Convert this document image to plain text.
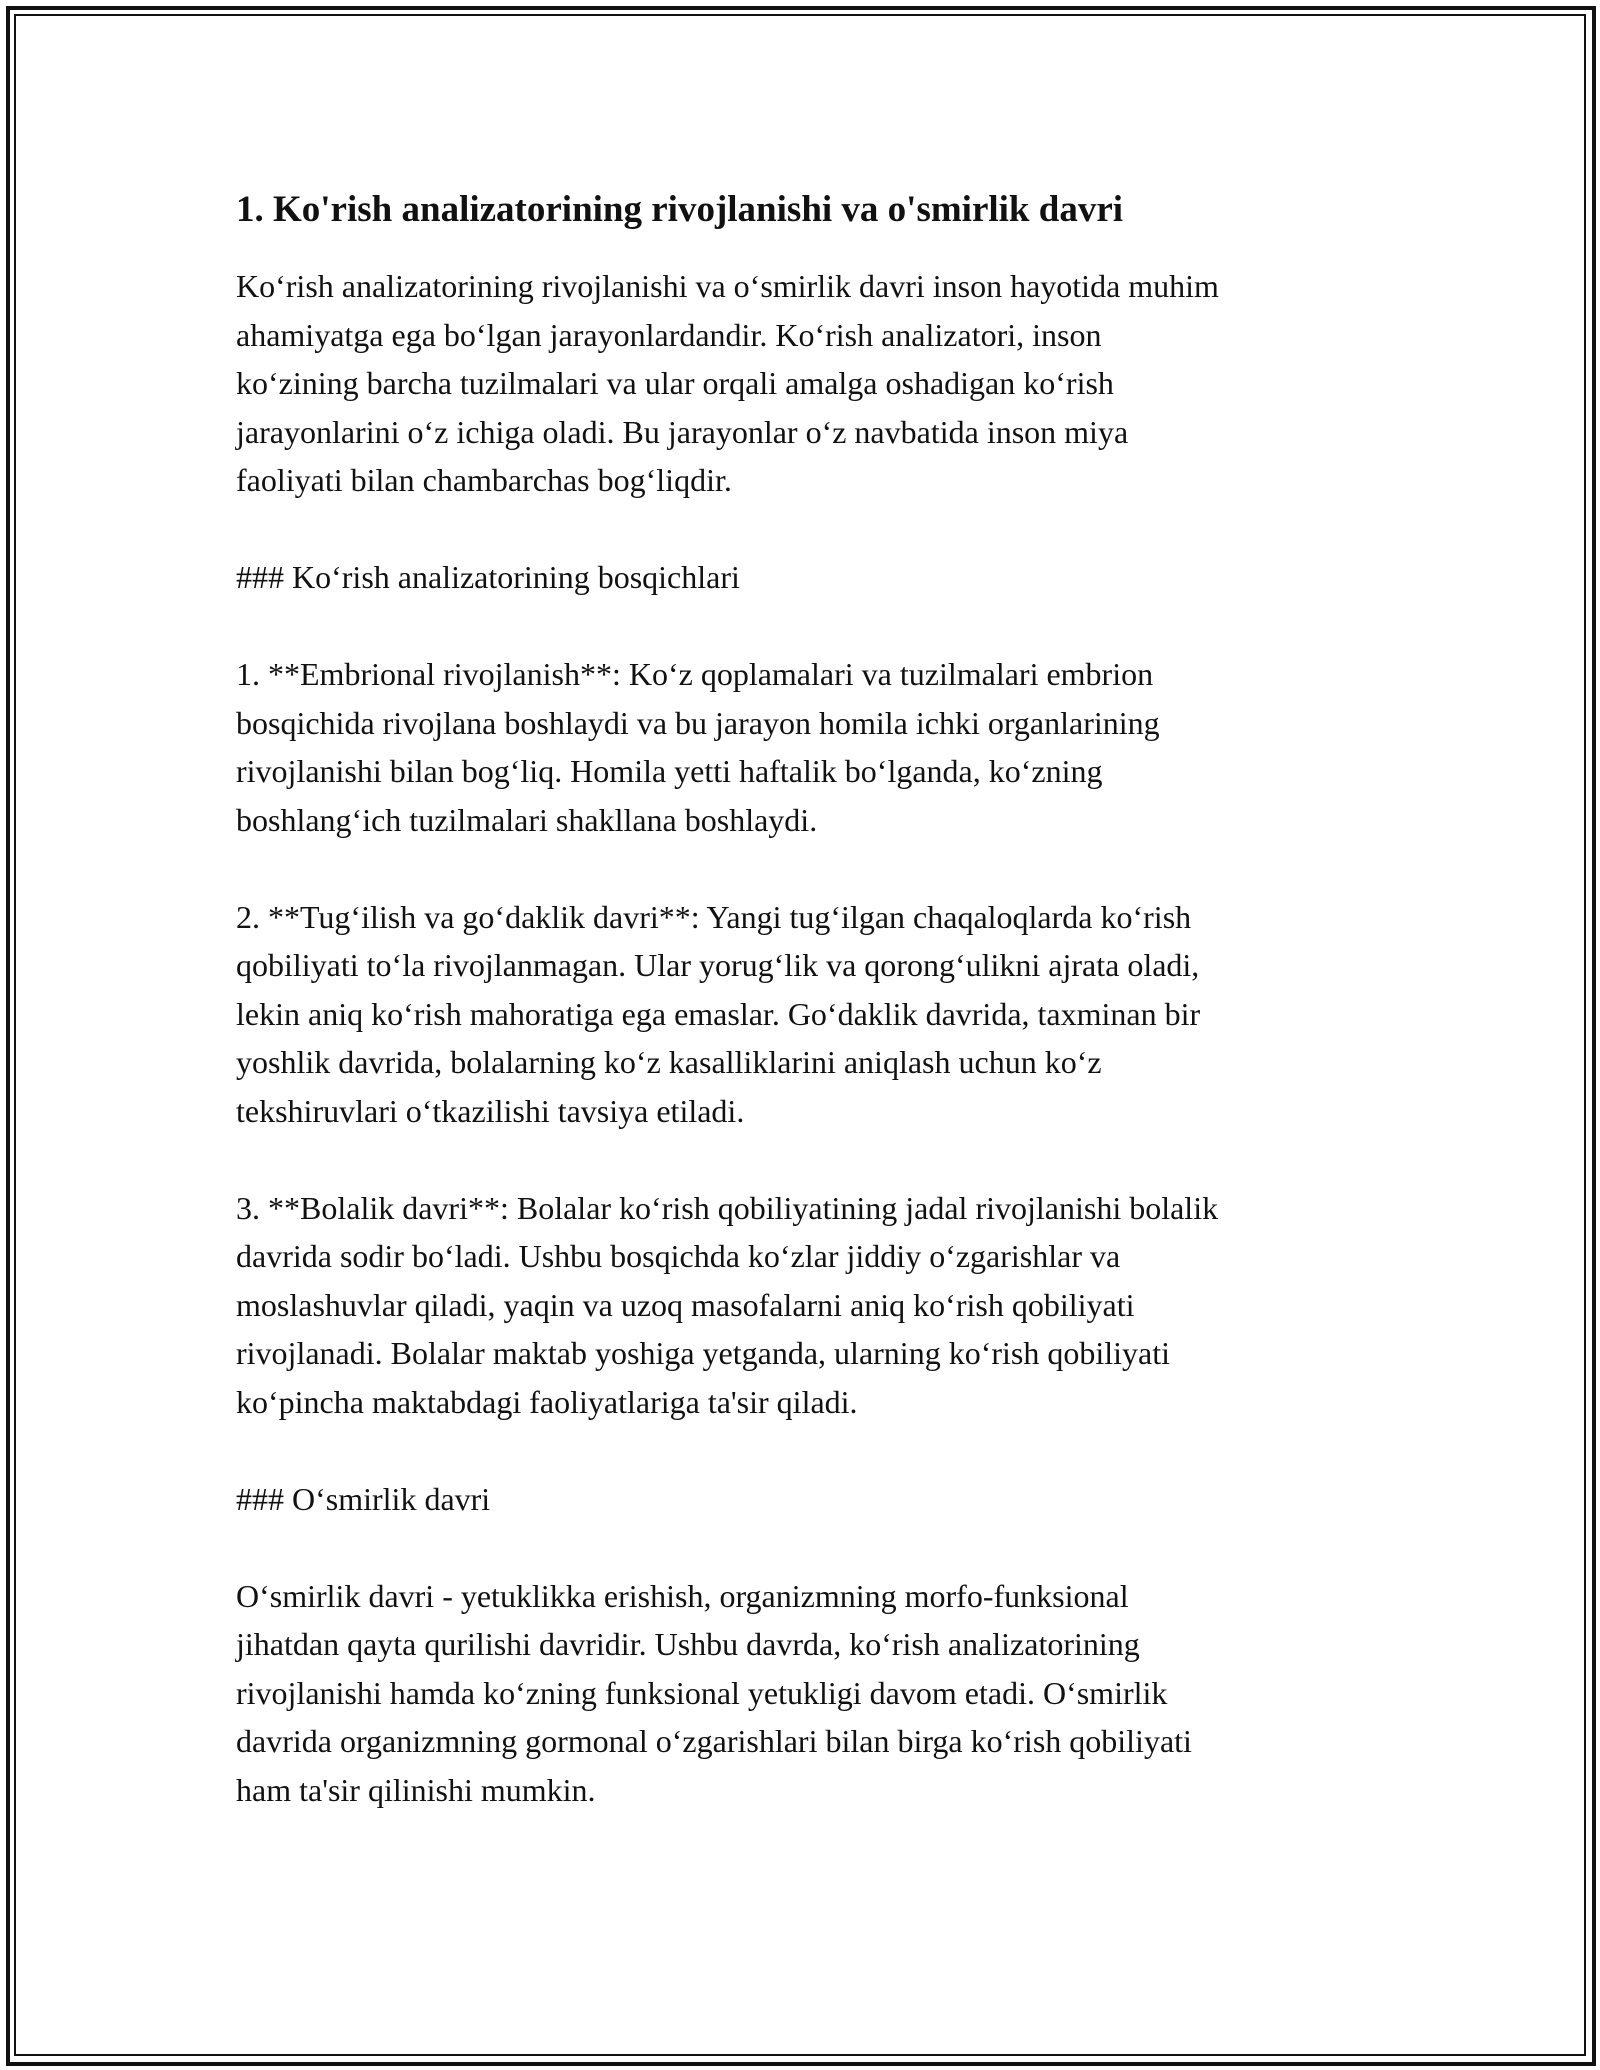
1. Ko'rish analizatorining rivojlanishi va o'smirlik davri

Ko‘rish analizatorining rivojlanishi va o‘smirlik davri inson hayotida muhim
ahamiyatga ega bo‘lgan jarayonlardandir. Ko‘rish analizatori, inson
ko‘zining barcha tuzilmalari va ular orqali amalga oshadigan ko‘rish
jarayonlarini o‘z ichiga oladi. Bu jarayonlar o‘z navbatida inson miya
faoliyati bilan chambarchas bog‘liqdir.

### Ko‘rish analizatorining bosqichlari

1. **Embrional rivojlanish**: Ko‘z qoplamalari va tuzilmalari embrion
bosqichida rivojlana boshlaydi va bu jarayon homila ichki organlarining
rivojlanishi bilan bog‘liq. Homila yetti haftalik bo‘lganda, ko‘zning
boshlang‘ich tuzilmalari shakllana boshlaydi.

2. **Tug‘ilish va go‘daklik davri**: Yangi tug‘ilgan chaqaloqlarda ko‘rish
qobiliyati to‘la rivojlanmagan. Ular yorug‘lik va qorong‘ulikni ajrata oladi,
lekin aniq ko‘rish mahoratiga ega emaslar. Go‘daklik davrida, taxminan bir
yoshlik davrida, bolalarning ko‘z kasalliklarini aniqlash uchun ko‘z
tekshiruvlari o‘tkazilishi tavsiya etiladi.

3. **Bolalik davri**: Bolalar ko‘rish qobiliyatining jadal rivojlanishi bolalik
davrida sodir bo‘ladi. Ushbu bosqichda ko‘zlar jiddiy o‘zgarishlar va
moslashuvlar qiladi, yaqin va uzoq masofalarni aniq ko‘rish qobiliyati
rivojlanadi. Bolalar maktab yoshiga yetganda, ularning ko‘rish qobiliyati
ko‘pincha maktabdagi faoliyatlariga ta'sir qiladi.

### O‘smirlik davri

O‘smirlik davri - yetuklikka erishish, organizmning morfo-funksional
jihatdan qayta qurilishi davridir. Ushbu davrda, ko‘rish analizatorining
rivojlanishi hamda ko‘zning funksional yetukligi davom etadi. O‘smirlik
davrida organizmning gormonal o‘zgarishlari bilan birga ko‘rish qobiliyati
ham ta'sir qilinishi mumkin.
